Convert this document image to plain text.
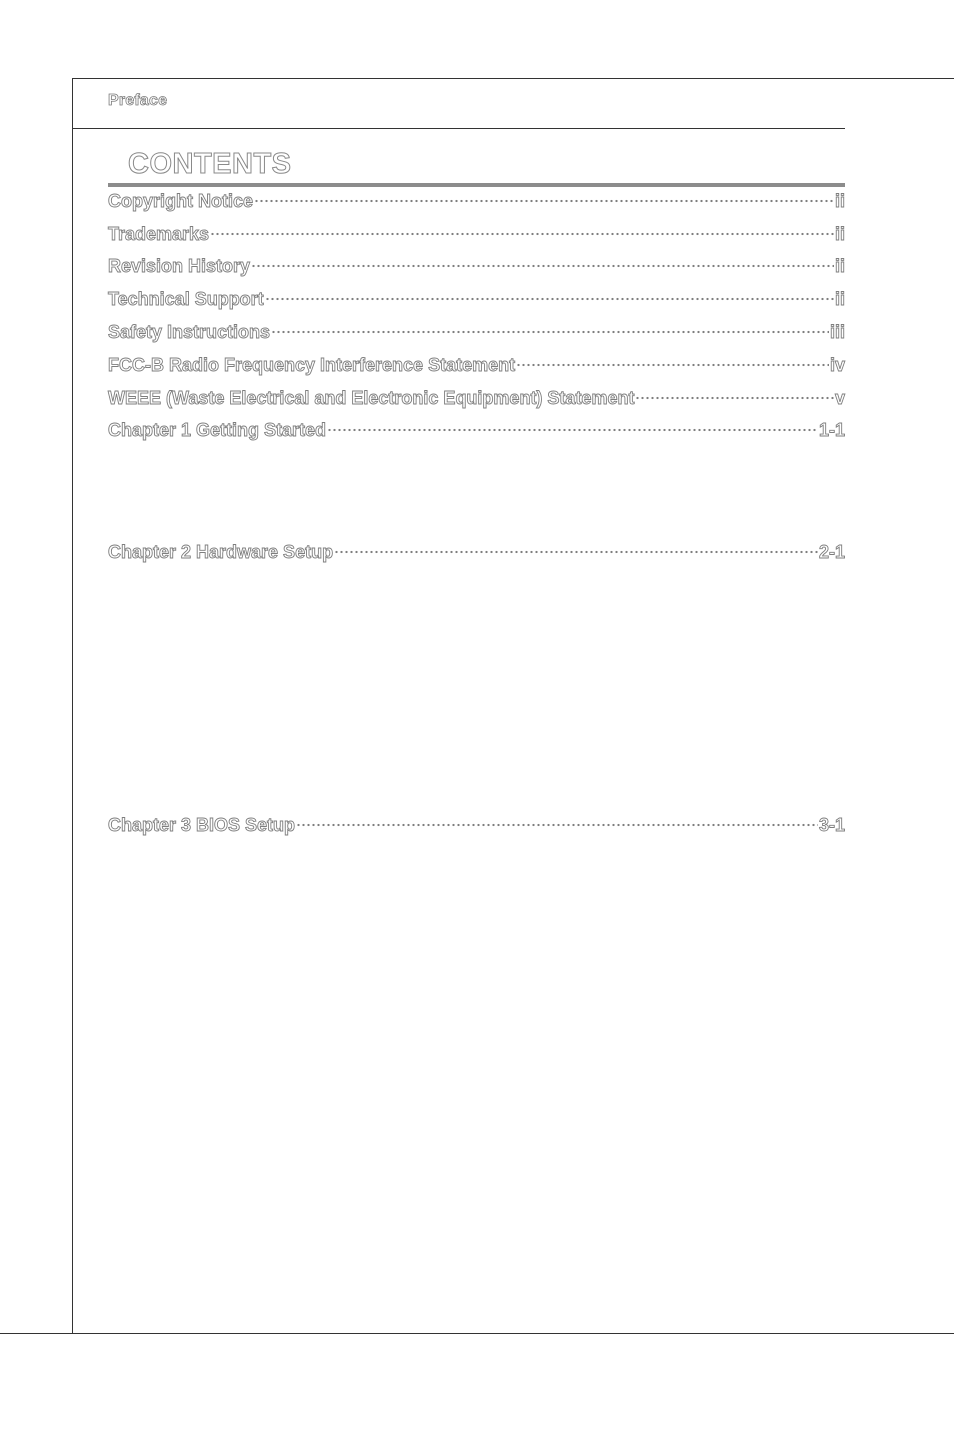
Preface
CONTENTS
Copyright Notice	ii
Trademarks	ii
Revision History	ii
Technical Support	ii
Safety Instructions	iii
FCC-B Radio Frequency Interference Statement	iv
WEEE (Waste Electrical and Electronic Equipment) Statement	v
Chapter 1 Getting Started	1-1
Chapter 2 Hardware Setup	2-1
Chapter 3 BIOS Setup	3-1
